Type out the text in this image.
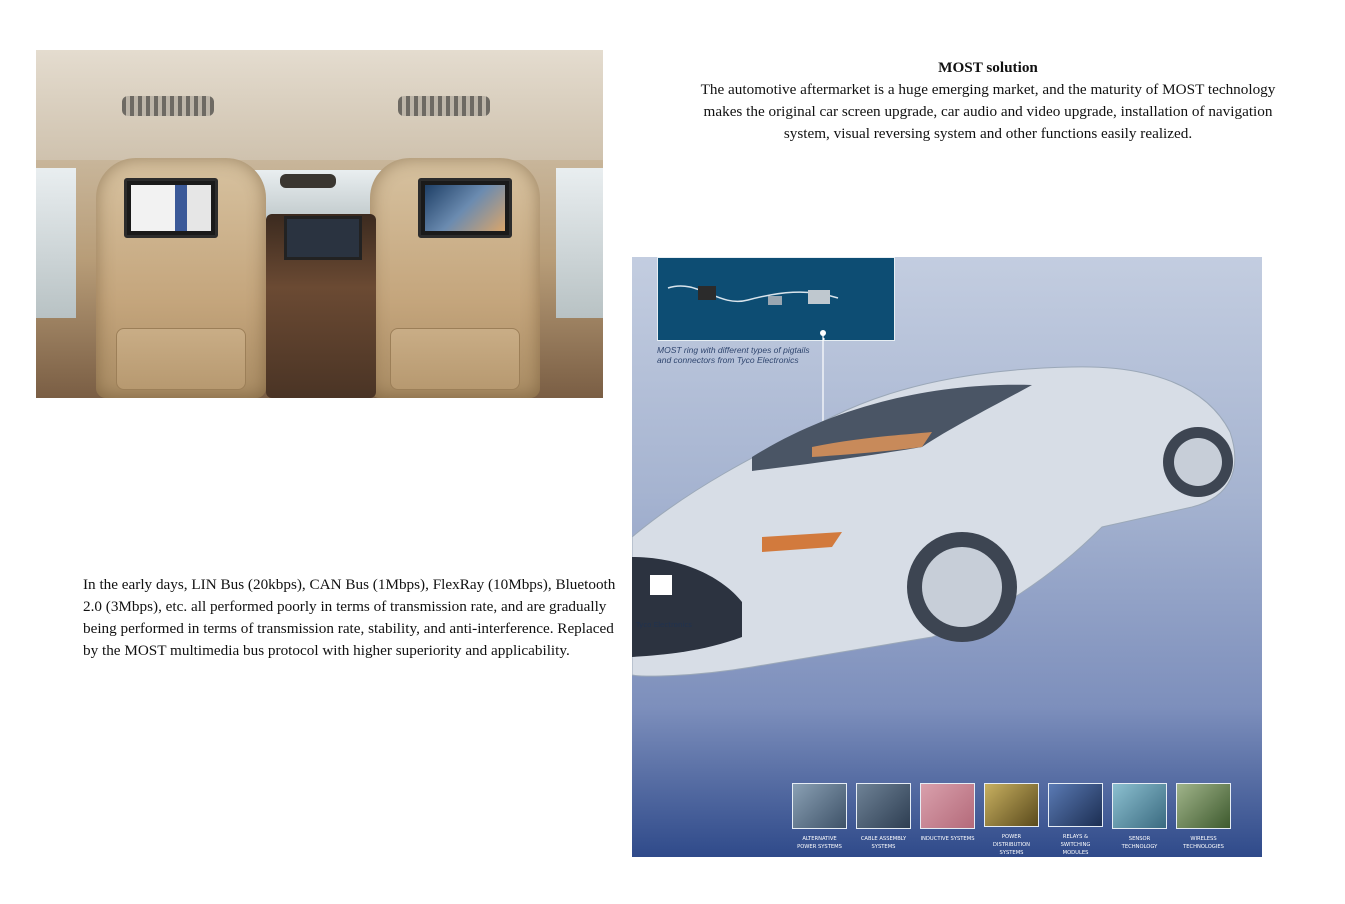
MOST solution
The automotive aftermarket is a huge emerging market, and the maturity of MOST technology makes the original car screen upgrade, car audio and video upgrade, installation of navigation system, visual reversing system and other functions easily realized.
In the early days, LIN Bus (20kbps), CAN Bus (1Mbps), FlexRay (10Mbps), Bluetooth 2.0 (3Mbps), etc. all performed poorly in terms of transmission rate, and are gradually being performed in terms of transmission rate, stability, and anti-interference. Replaced by the MOST multimedia bus protocol with higher superiority and applicability.
MOST ring with different types of pigtails and connectors from Tyco Electronics
Tyco Electronics
ALTERNATIVE POWER SYSTEMS
CABLE ASSEMBLY SYSTEMS
INDUCTIVE SYSTEMS	POWER DISTRIBUTION SYSTEMS
RELAYS & SWITCHING MODULES
SENSOR TECHNOLOGY
WIRELESS TECHNOLOGIES
